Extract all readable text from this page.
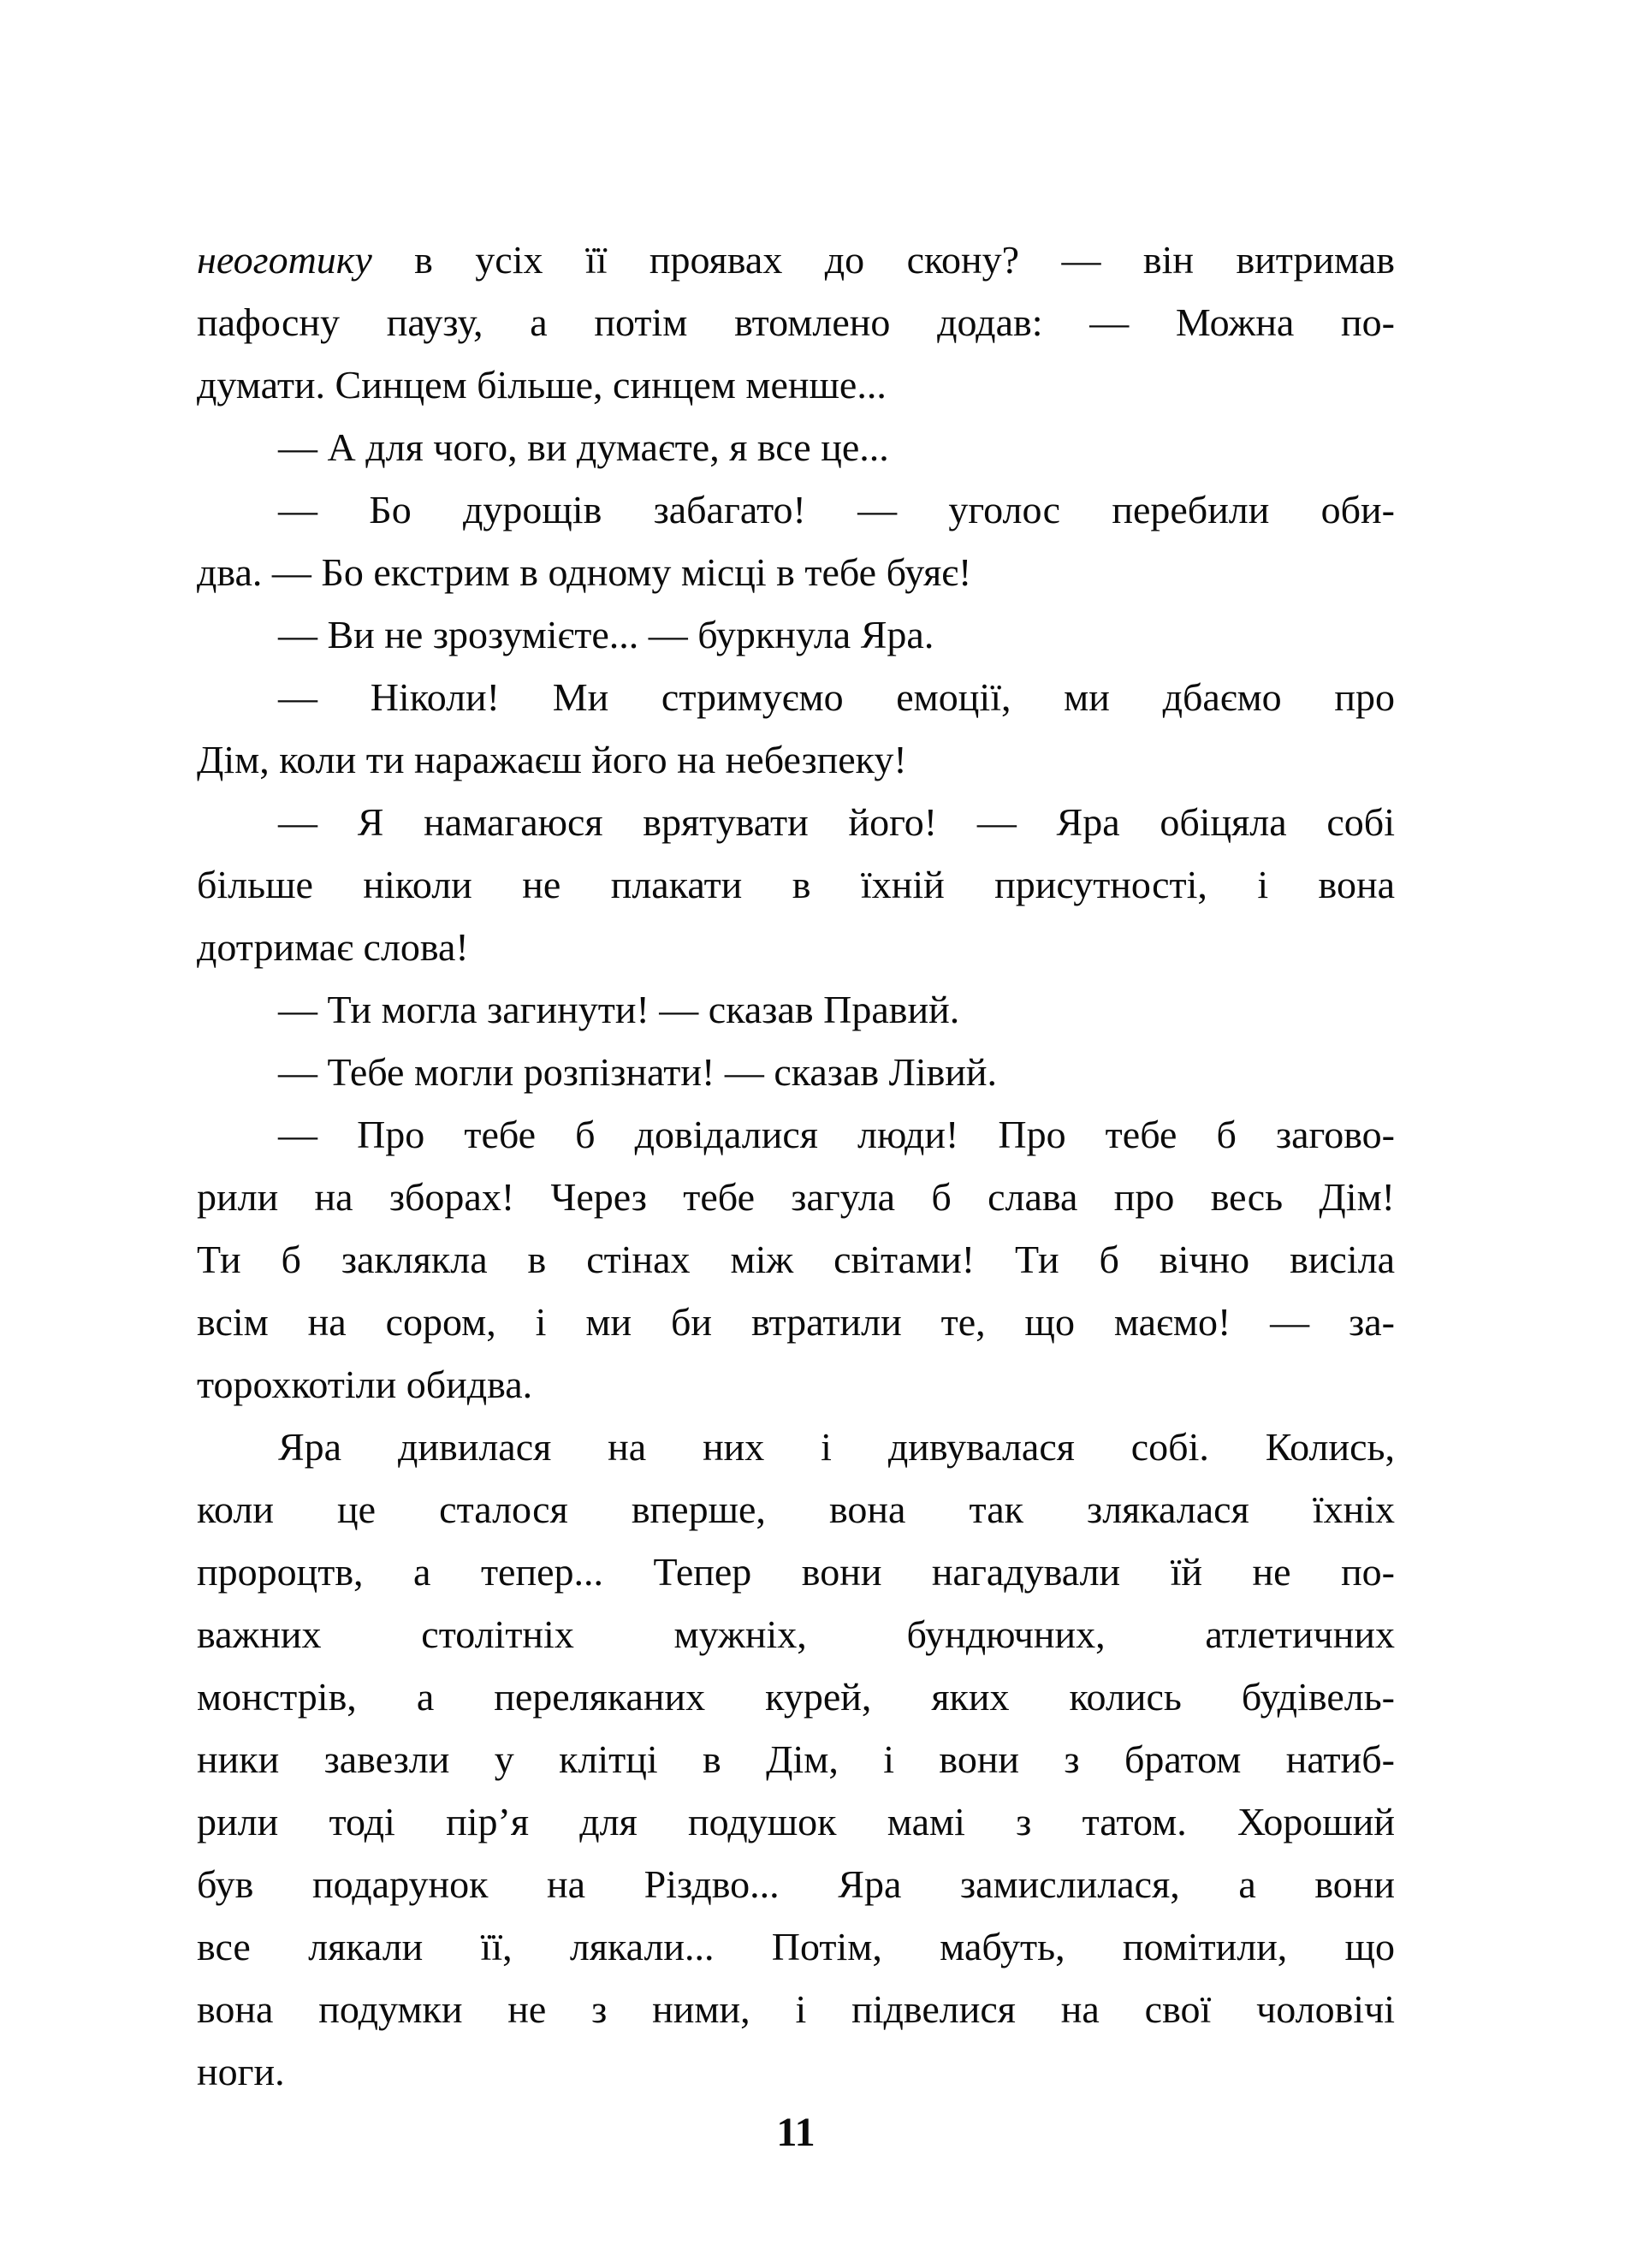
неоготику в усіх її проявах до скону? — він витримав
пафосну паузу, а потім втомлено додав: — Можна по-
думати. Синцем більше, синцем менше...
— А для чого, ви думаєте, я все це...
— Бо дурощів забагато! — уголос перебили оби-
два. — Бо екстрим в одному місці в тебе буяє!
— Ви не зрозумієте... — буркнула Яра.
— Ніколи! Ми стримуємо емоції, ми дбаємо про
Дім, коли ти наражаєш його на небезпеку!
— Я намагаюся врятувати його! — Яра обіцяла собі
більше ніколи не плакати в їхній присутності, і вона
дотримає слова!
— Ти могла загинути! — сказав Правий.
— Тебе могли розпізнати! — сказав Лівий.
— Про тебе б довідалися люди! Про тебе б загово-
рили на зборах! Через тебе загула б слава про весь Дім!
Ти б заклякла в стінах між світами! Ти б вічно висіла
всім на сором, і ми би втратили те, що маємо! — за-
торохкотіли обидва.
Яра дивилася на них і дивувалася собі. Колись,
коли це сталося вперше, вона так злякалася їхніх
пророцтв, а тепер... Тепер вони нагадували їй не по-
важних столітніх мужніх, бундючних, атлетичних
монстрів, а переляканих курей, яких колись будівель-
ники завезли у клітці в Дім, і вони з братом натиб-
рили тоді пір’я для подушок мамі з татом. Хороший
був подарунок на Різдво... Яра замислилася, а вони
все лякали її, лякали... Потім, мабуть, помітили, що
вона подумки не з ними, і підвелися на свої чоловічі
ноги.
11
